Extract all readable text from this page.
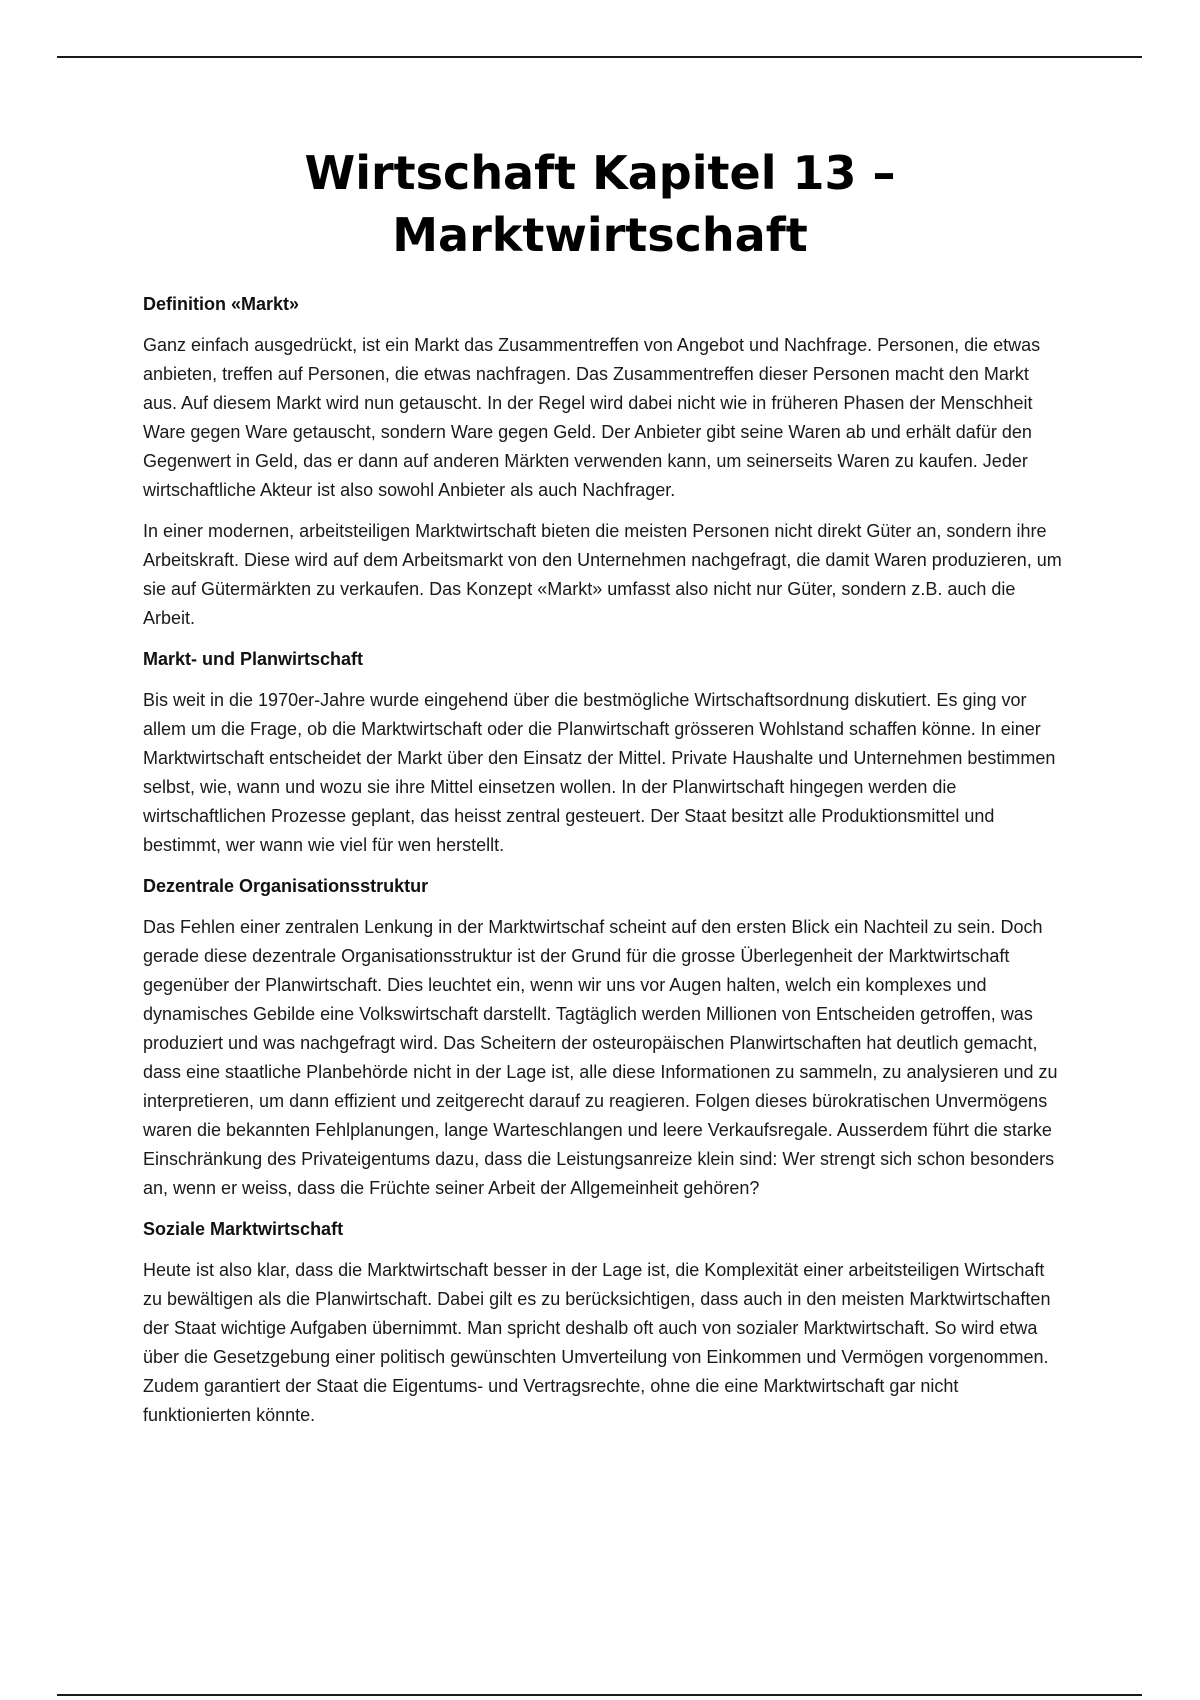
Wirtschaft Kapitel 13 –
Marktwirtschaft

Definition «Markt»

Ganz einfach ausgedrückt, ist ein Markt das Zusammentreffen von Angebot und Nachfrage. Personen, die etwas anbieten, treffen auf Personen, die etwas nachfragen. Das Zusammentreffen dieser Personen macht den Markt aus. Auf diesem Markt wird nun getauscht. In der Regel wird dabei nicht wie in früheren Phasen der Menschheit Ware gegen Ware getauscht, sondern Ware gegen Geld. Der Anbieter gibt seine Waren ab und erhält dafür den Gegenwert in Geld, das er dann auf anderen Märkten verwenden kann, um seinerseits Waren zu kaufen. Jeder wirtschaftliche Akteur ist also sowohl Anbieter als auch Nachfrager.

In einer modernen, arbeitsteiligen Marktwirtschaft bieten die meisten Personen nicht direkt Güter an, sondern ihre Arbeitskraft. Diese wird auf dem Arbeitsmarkt von den Unternehmen nachgefragt, die damit Waren produzieren, um sie auf Gütermärkten zu verkaufen. Das Konzept «Markt» umfasst also nicht nur Güter, sondern z.B. auch die Arbeit.

Markt- und Planwirtschaft

Bis weit in die 1970er-Jahre wurde eingehend über die bestmögliche Wirtschaftsordnung diskutiert. Es ging vor allem um die Frage, ob die Marktwirtschaft oder die Planwirtschaft grösseren Wohlstand schaffen könne. In einer Marktwirtschaft entscheidet der Markt über den Einsatz der Mittel. Private Haushalte und Unternehmen bestimmen selbst, wie, wann und wozu sie ihre Mittel einsetzen wollen. In der Planwirtschaft hingegen werden die wirtschaftlichen Prozesse geplant, das heisst zentral gesteuert. Der Staat besitzt alle Produktionsmittel und bestimmt, wer wann wie viel für wen herstellt.

Dezentrale Organisationsstruktur

Das Fehlen einer zentralen Lenkung in der Marktwirtschaf scheint auf den ersten Blick ein Nachteil zu sein. Doch gerade diese dezentrale Organisationsstruktur ist der Grund für die grosse Überlegenheit der Marktwirtschaft gegenüber der Planwirtschaft. Dies leuchtet ein, wenn wir uns vor Augen halten, welch ein komplexes und dynamisches Gebilde eine Volkswirtschaft darstellt. Tagtäglich werden Millionen von Entscheiden getroffen, was produziert und was nachgefragt wird. Das Scheitern der osteuropäischen Planwirtschaften hat deutlich gemacht, dass eine staatliche Planbehörde nicht in der Lage ist, alle diese Informationen zu sammeln, zu analysieren und zu interpretieren, um dann effizient und zeitgerecht darauf zu reagieren. Folgen dieses bürokratischen Unvermögens waren die bekannten Fehlplanungen, lange Warteschlangen und leere Verkaufsregale. Ausserdem führt die starke Einschränkung des Privateigentums dazu, dass die Leistungsanreize klein sind: Wer strengt sich schon besonders an, wenn er weiss, dass die Früchte seiner Arbeit der Allgemeinheit gehören?

Soziale Marktwirtschaft

Heute ist also klar, dass die Marktwirtschaft besser in der Lage ist, die Komplexität einer arbeitsteiligen Wirtschaft zu bewältigen als die Planwirtschaft. Dabei gilt es zu berücksichtigen, dass auch in den meisten Marktwirtschaften der Staat wichtige Aufgaben übernimmt. Man spricht deshalb oft auch von sozialer Marktwirtschaft. So wird etwa über die Gesetzgebung einer politisch gewünschten Umverteilung von Einkommen und Vermögen vorgenommen. Zudem garantiert der Staat die Eigentums- und Vertragsrechte, ohne die eine Marktwirtschaft gar nicht funktionierten könnte.
